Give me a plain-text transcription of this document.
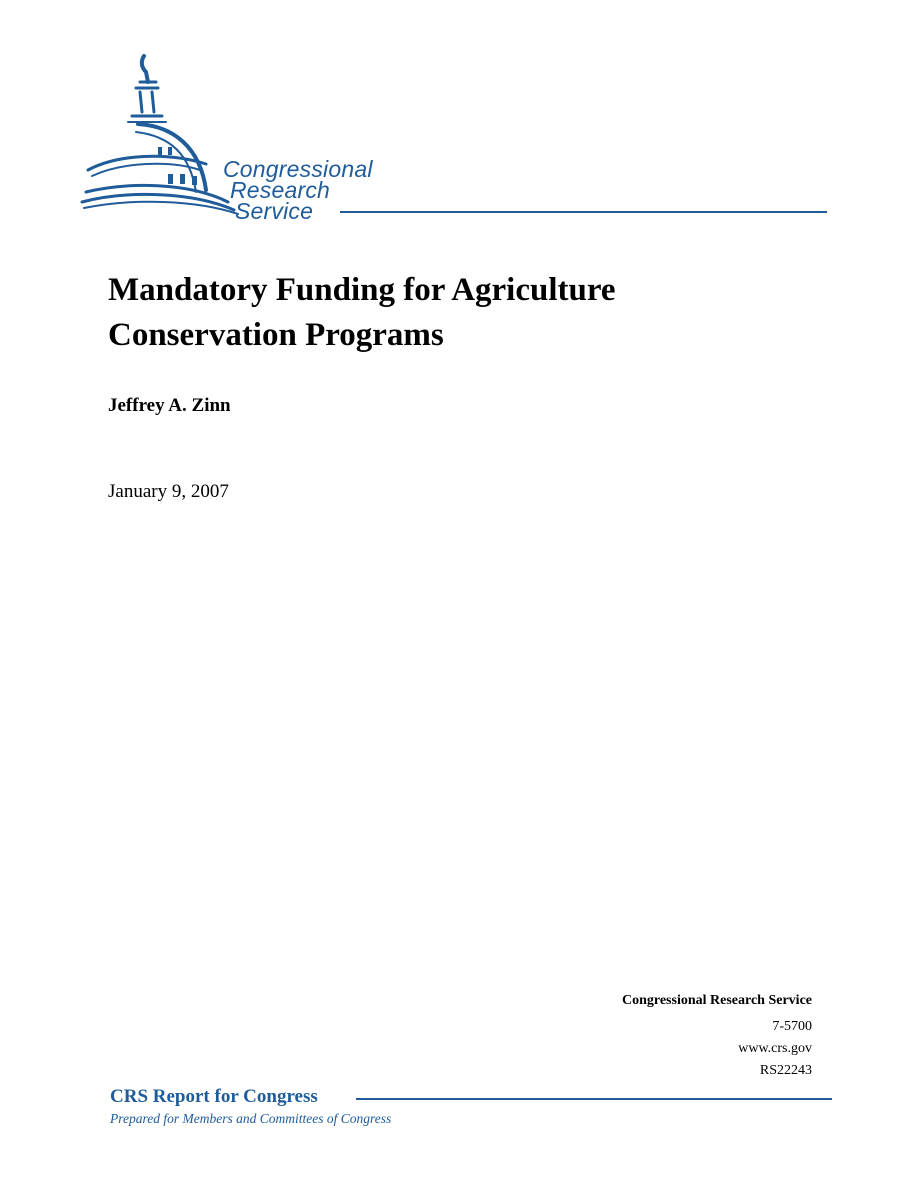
Congressional
Research
Service
Mandatory Funding for Agriculture
Conservation Programs
Jeffrey A. Zinn
January 9, 2007
Congressional Research Service
7-5700
www.crs.gov
RS22243
CRS Report for Congress
Prepared for Members and Committees of Congress
